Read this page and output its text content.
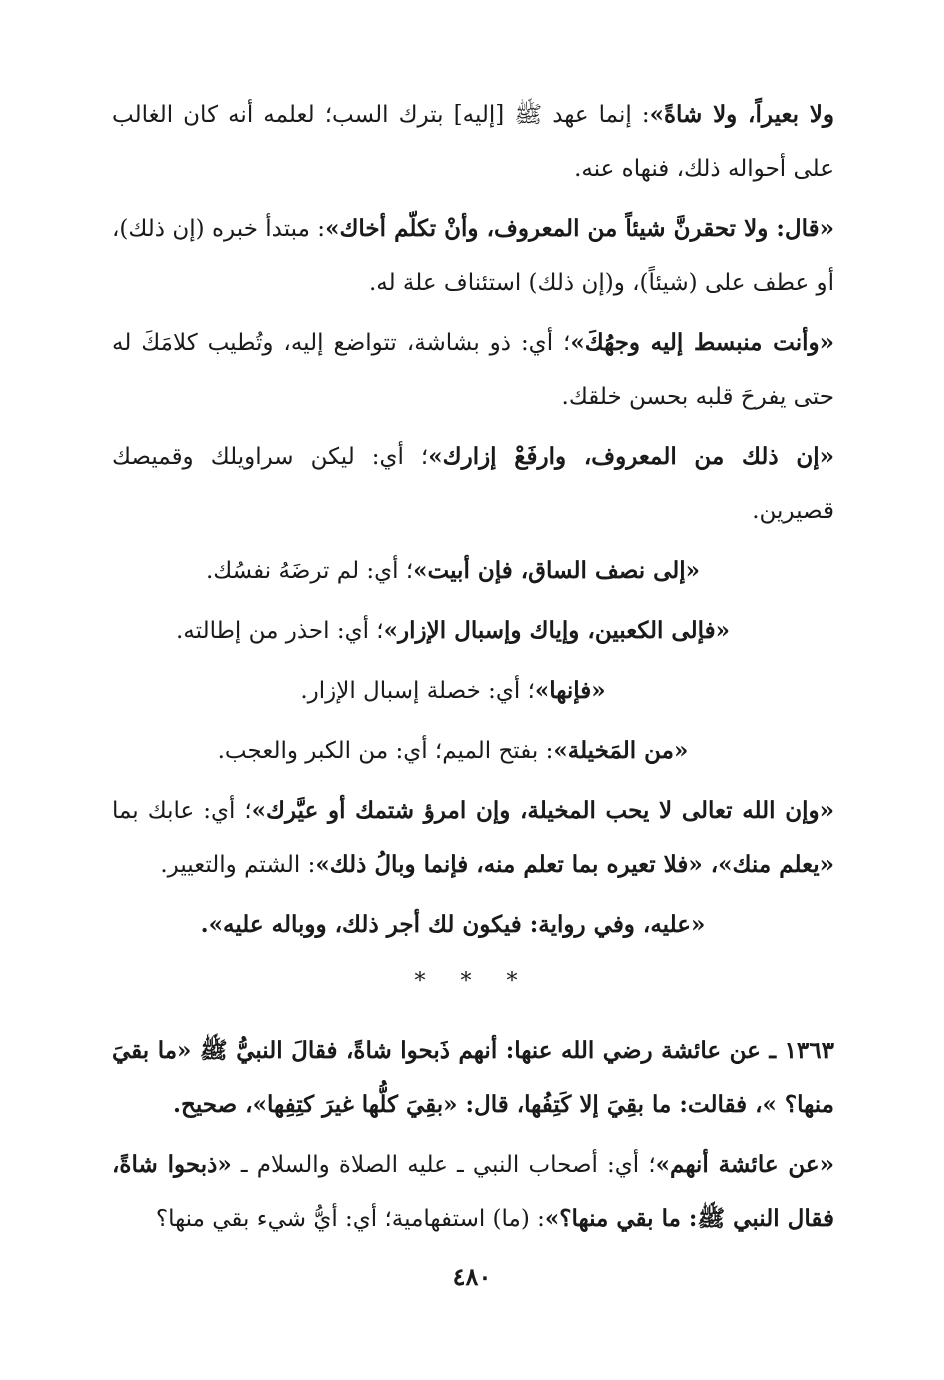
ولا بعيراً، ولا شاةً»: إنما عهد ﷺ [إليه] بترك السب؛ لعلمه أنه كان الغالب على أحواله ذلك، فنهاه عنه.

«قال: ولا تحقرنَّ شيئاً من المعروف، وأنْ تكلّم أخاك»: مبتدأ خبره (إن ذلك)، أو عطف على (شيئاً)، و(إن ذلك) استئناف علة له.

«وأنت منبسط إليه وجهُكَ»؛ أي: ذو بشاشة، تتواضع إليه، وتُطيب كلامَكَ له حتى يفرحَ قلبه بحسن خلقك.

«إن ذلك من المعروف، وارفَعْ إزارك»؛ أي: ليكن سراويلك وقميصك قصيرين.

«إلى نصف الساق، فإن أبيت»؛ أي: لم ترضَهُ نفسُك.

«فإلى الكعبين، وإياك وإسبال الإزار»؛ أي: احذر من إطالته.

«فإنها»؛ أي: خصلة إسبال الإزار.

«من المَخيلة»: بفتح الميم؛ أي: من الكبر والعجب.

«وإن الله تعالى لا يحب المخيلة، وإن امرؤ شتمك أو عيَّرك»؛ أي: عابك بما «يعلم منك»، «فلا تعيره بما تعلم منه، فإنما وبالُ ذلك»: الشتم والتعيير.

«عليه، وفي رواية: فيكون لك أجر ذلك، ووباله عليه».

* * *

١٣٦٣ ـ عن عائشة رضي الله عنها: أنهم ذَبحوا شاةً، فقالَ النبيُّ ﷺ «ما بقيَ منها؟ »، فقالت: ما بقِيَ إلا كَتِفُها، قال: «بقِيَ كلُّها غيرَ كتِفِها»، صحيح.

«عن عائشة أنهم»؛ أي: أصحاب النبي ـ عليه الصلاة والسلام ـ «ذبحوا شاةً، فقال النبي ﷺ: ما بقي منها؟»: (ما) استفهامية؛ أي: أيُّ شيء بقي منها؟

٤٨٠
